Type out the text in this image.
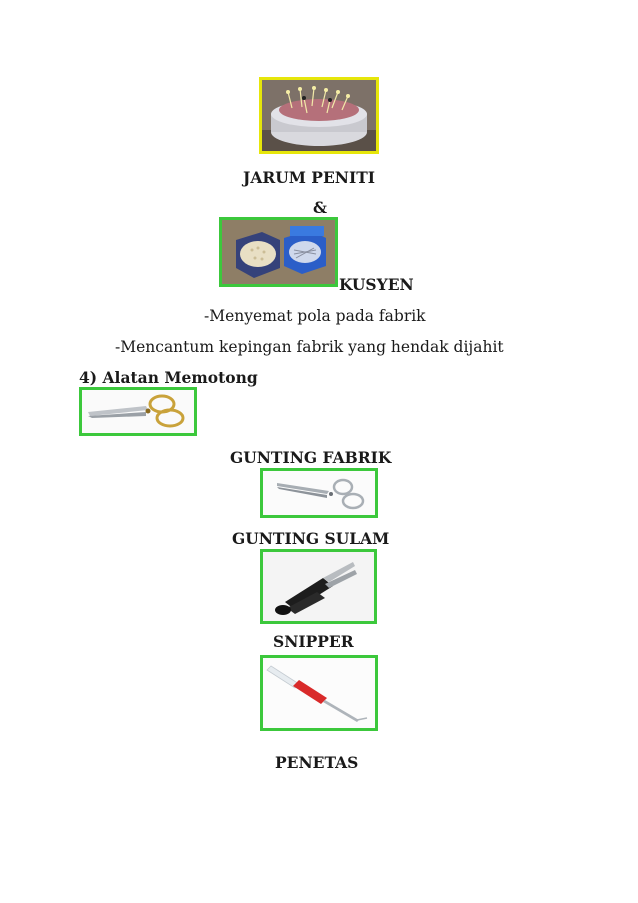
JARUM PENITI
&
KUSYEN
-Menyemat pola pada fabrik
-Mencantum kepingan fabrik yang hendak dijahit
4) Alatan Memotong
GUNTING FABRIK
GUNTING SULAM
SNIPPER
PENETAS
